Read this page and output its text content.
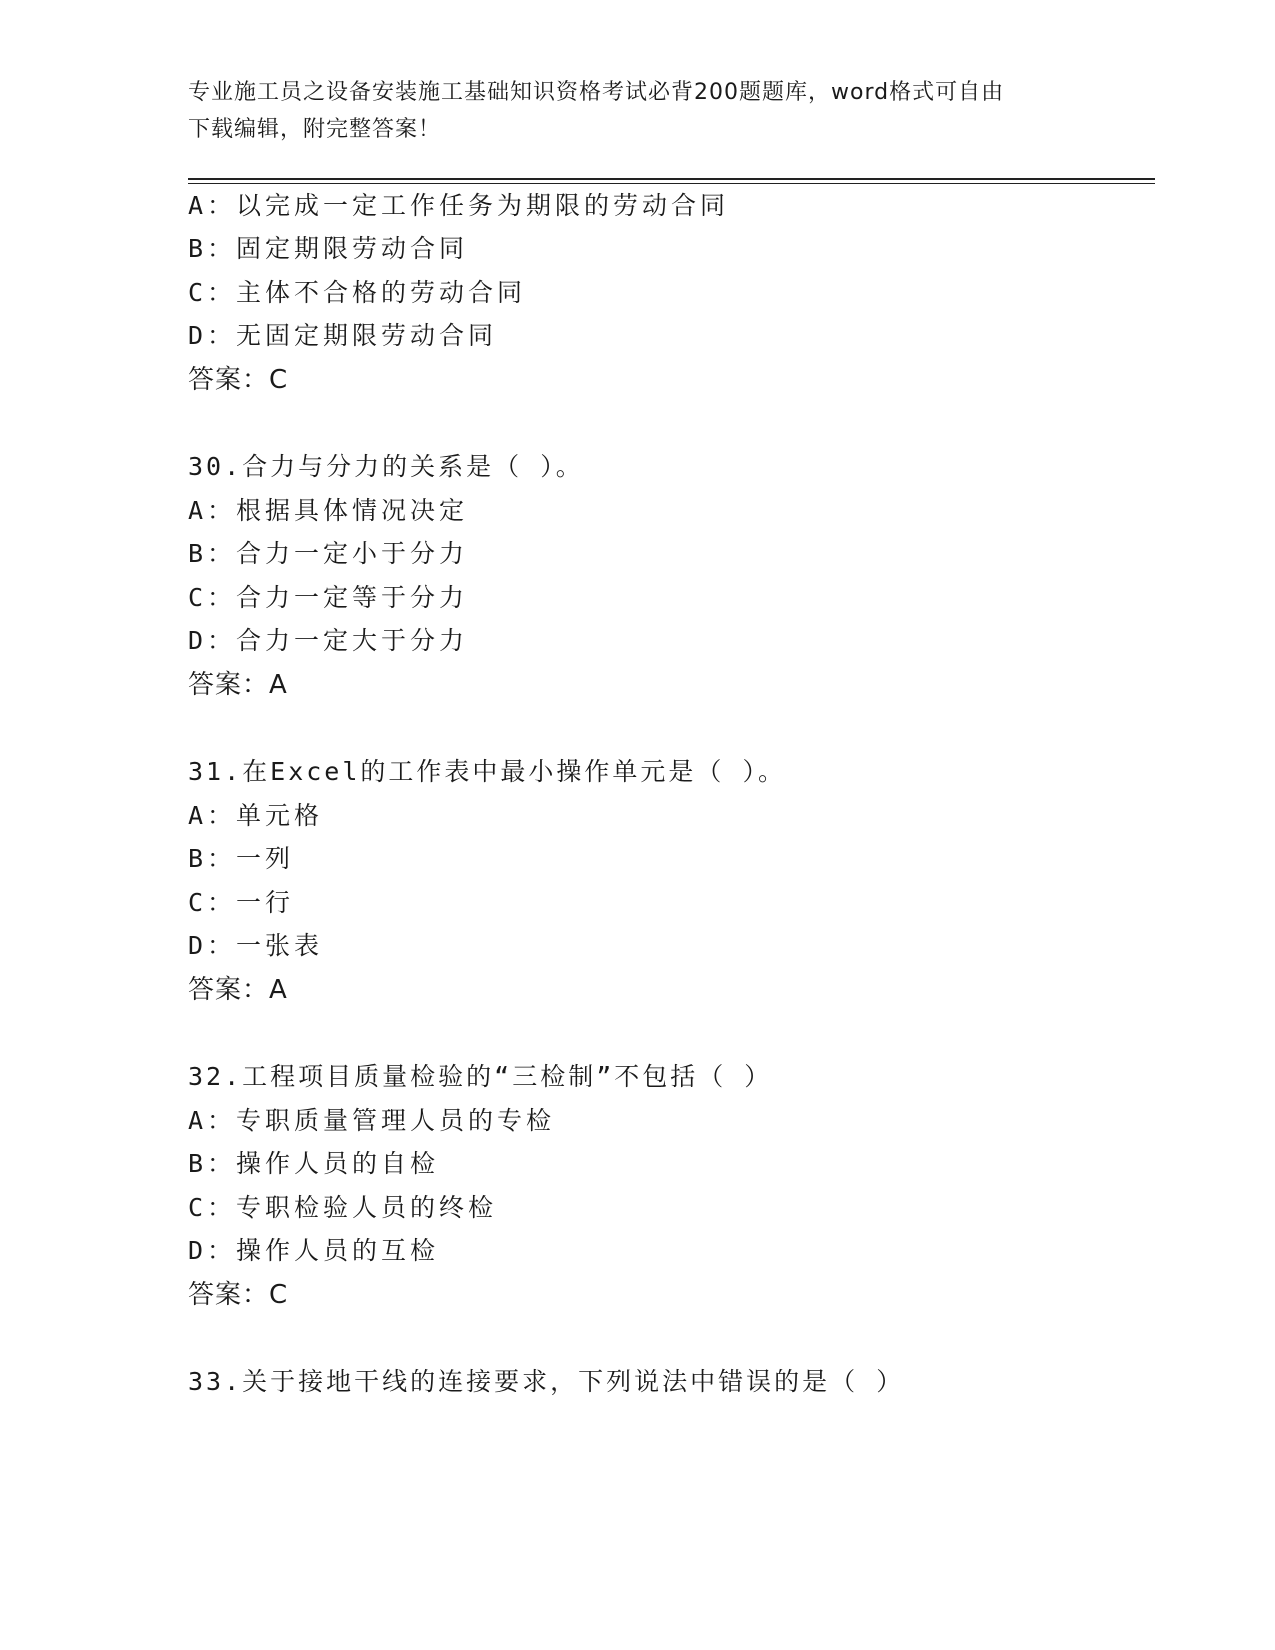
专业施工员之设备安装施工基础知识资格考试必背200题题库，word格式可自由
下载编辑，附完整答案！
A：以完成一定工作任务为期限的劳动合同
B：固定期限劳动合同
C：主体不合格的劳动合同
D：无固定期限劳动合同
答案：C
30.合力与分力的关系是（ ）。
A：根据具体情况决定
B：合力一定小于分力
C：合力一定等于分力
D：合力一定大于分力
答案：A
31.在Excel的工作表中最小操作单元是（ ）。
A：单元格
B：一列
C：一行
D：一张表
答案：A
32.工程项目质量检验的“三检制”不包括（ ）
A：专职质量管理人员的专检
B：操作人员的自检
C：专职检验人员的终检
D：操作人员的互检
答案：C
33.关于接地干线的连接要求，下列说法中错误的是（ ）
